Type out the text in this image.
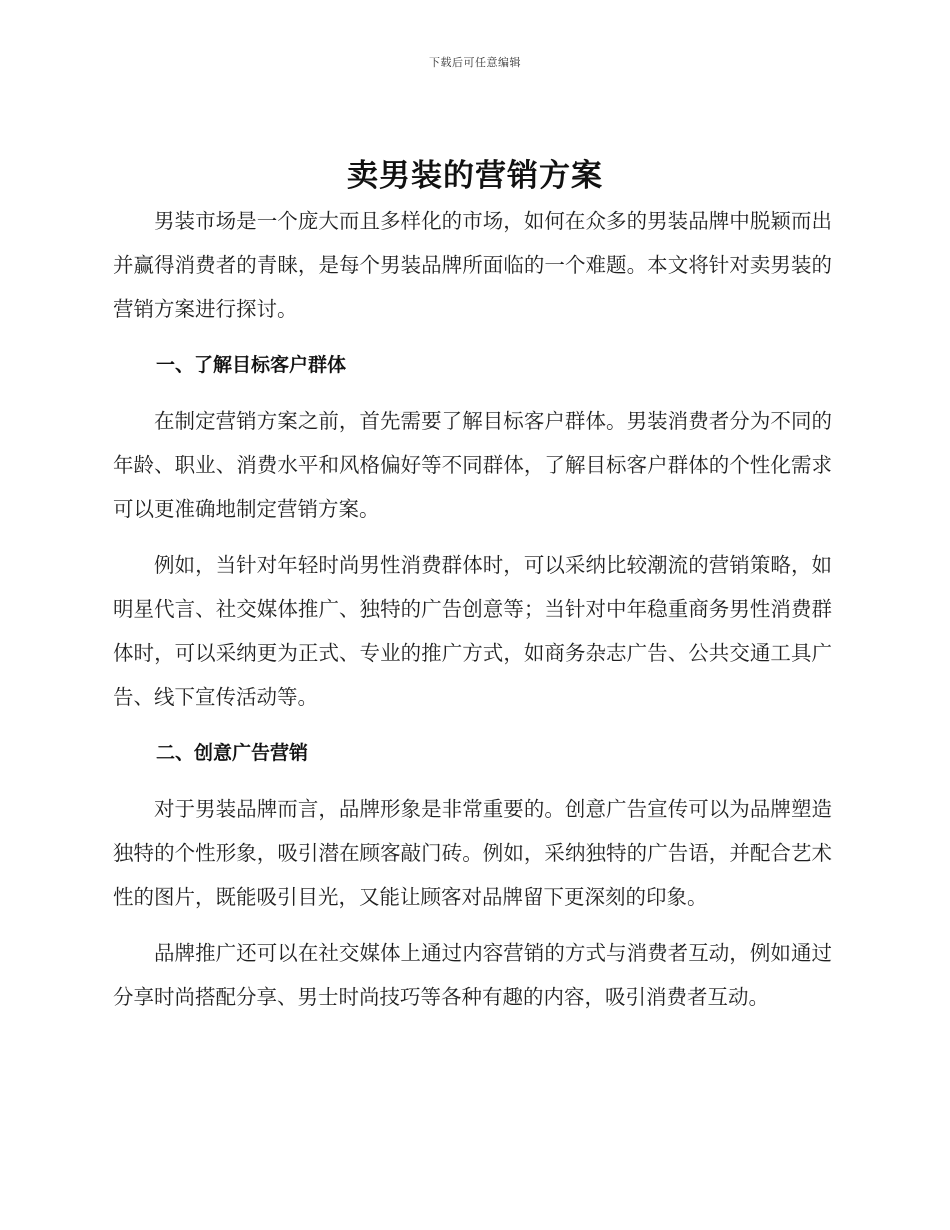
下载后可任意编辑
卖男装的营销方案

男装市场是一个庞大而且多样化的市场，如何在众多的男装品牌中脱颖而出并赢得消费者的青睐，是每个男装品牌所面临的一个难题。本文将针对卖男装的营销方案进行探讨。

一、了解目标客户群体

在制定营销方案之前，首先需要了解目标客户群体。男装消费者分为不同的年龄、职业、消费水平和风格偏好等不同群体，了解目标客户群体的个性化需求可以更准确地制定营销方案。

例如，当针对年轻时尚男性消费群体时，可以采纳比较潮流的营销策略，如明星代言、社交媒体推广、独特的广告创意等；当针对中年稳重商务男性消费群体时，可以采纳更为正式、专业的推广方式，如商务杂志广告、公共交通工具广告、线下宣传活动等。

二、创意广告营销

对于男装品牌而言，品牌形象是非常重要的。创意广告宣传可以为品牌塑造独特的个性形象，吸引潜在顾客敲门砖。例如，采纳独特的广告语，并配合艺术性的图片，既能吸引目光，又能让顾客对品牌留下更深刻的印象。

品牌推广还可以在社交媒体上通过内容营销的方式与消费者互动，例如通过分享时尚搭配分享、男士时尚技巧等各种有趣的内容，吸引消费者互动。
